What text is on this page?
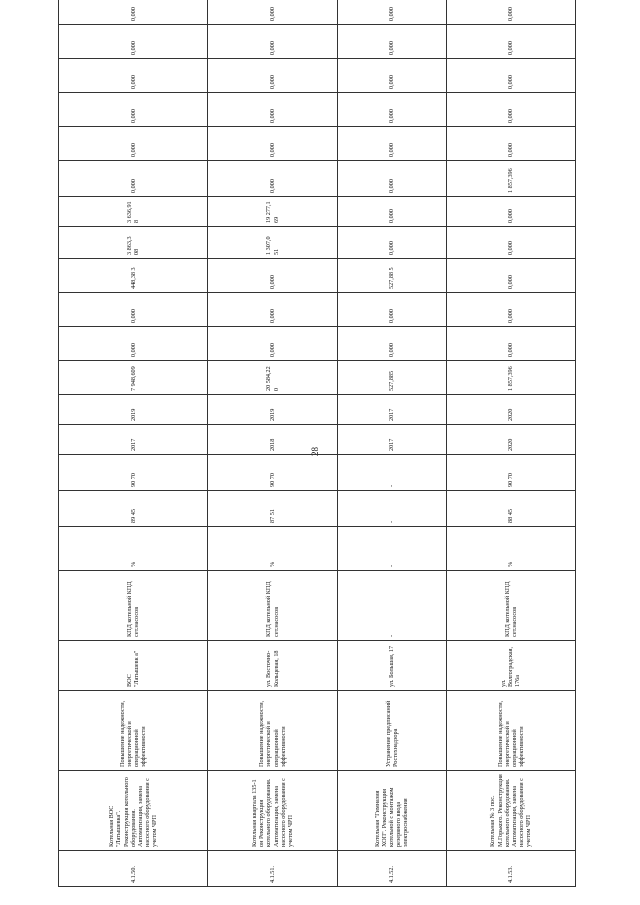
28
4.1.50.	Котельная ВОС "Латышевка". Реконструкция котельного оборудования. Автоматизация, замена насосного оборудования с учетом ЧРП	Повышение надежности, энергетической и операционной эффективности	ВОС "Латышевк а"	КПД котельной КПД сет.насосов	%	89 45	90 70	2017	2019	7 948,609	0,000	0,000	448,38 3	3 863,3 08	3 636,91 8	0,000	0,000	0,000	0,000	0,000	0,000	
4.1.51.	Котельная квартала 135-1 он Реконструкция котельного оборудования. Автоматизация, замена насосного оборудования с учетом ЧРП	Повышение надежности, энергетической и операционной эффективности	ул. Восточно-Кольцевая, 18	КПД котельной КПД сет.насосов	%	87 51	90 70	2018	2019	20 584,22 0	0,000	0,000	0,000	1 307,0 51	19 277,1 69	0,000	0,000	0,000	0,000	0,000	0,000	
4.1.52.	Котельная "Гимназия ХОП". Реконструкция котельной с монтажом резервного ввода электроснабжения	Устранение предписаний Ростехнадзора	ул. Большая, 17	-	-	-	-	2017	2017	527,885	0,000	0,000	527,88 5	0,000	0,000	0,000	0,000	0,000	0,000	0,000	0,000	
4.1.53.	Котельная № 3 пос. М.Горького. Реконструкция котельного оборудования. Автоматизация, замена насосного оборудования с учетом ЧРП	Повышение надежности, энергетической и операционной эффективности	ул. Волгоградская, 176а	КПД котельной КПД сет.насосов	%	88 45	90 70	2020	2020	1 857,396	0,000	0,000	0,000	0,000	0,000	1 857,396	0,000	0,000	0,000	0,000	0,000	
